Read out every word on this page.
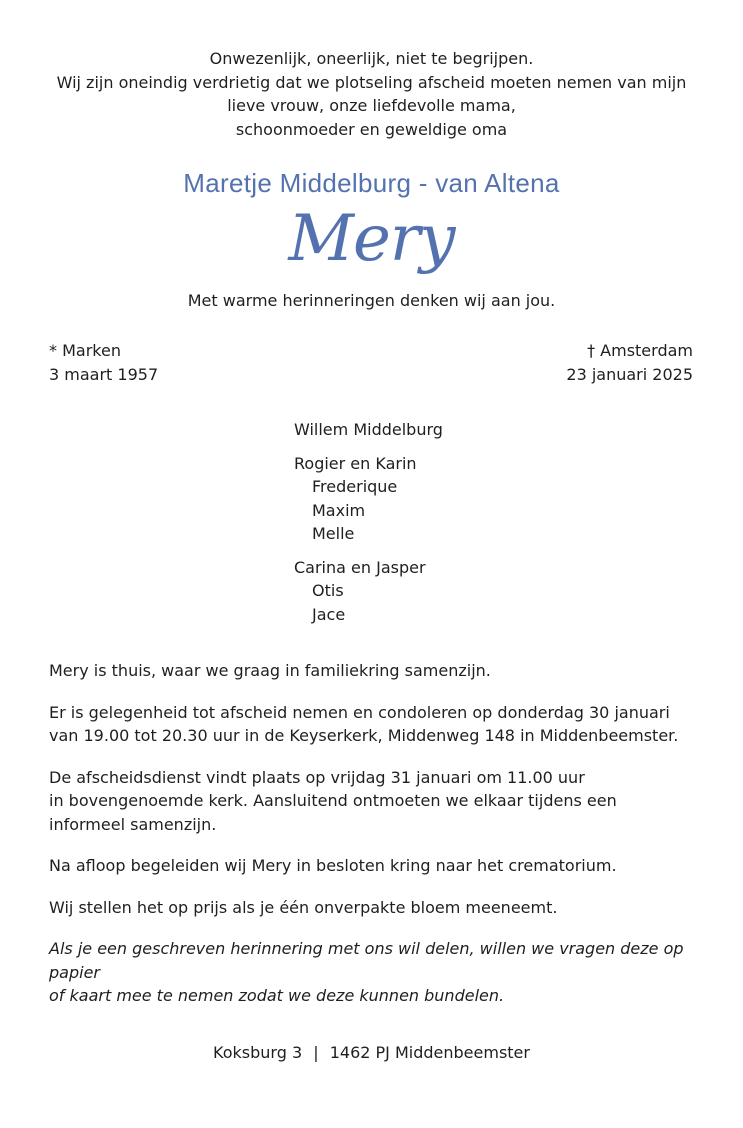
Onwezenlijk, oneerlijk, niet te begrijpen.
Wij zijn oneindig verdrietig dat we plotseling afscheid moeten nemen van mijn
lieve vrouw, onze liefdevolle mama,
schoonmoeder en geweldige oma
Maretje Middelburg - van Altena
Mery
Met warme herinneringen denken wij aan jou.
* Marken
3 maart 1957
† Amsterdam
23 januari 2025
Willem Middelburg
Rogier en Karin
Frederique
Maxim
Melle
Carina en Jasper
Otis
Jace

Mery is thuis, waar we graag in familiekring samenzijn.

Er is gelegenheid tot afscheid nemen en condoleren op donderdag 30 januari
van 19.00 tot 20.30 uur in de Keyserkerk, Middenweg 148 in Middenbeemster.

De afscheidsdienst vindt plaats op vrijdag 31 januari om 11.00 uur
in bovengenoemde kerk. Aansluitend ontmoeten we elkaar tijdens een
informeel samenzijn.

Na afloop begeleiden wij Mery in besloten kring naar het crematorium.

Wij stellen het op prijs als je één onverpakte bloem meeneemt.

Als je een geschreven herinnering met ons wil delen, willen we vragen deze op papier
of kaart mee te nemen zodat we deze kunnen bundelen.

Koksburg 3 | 1462 PJ Middenbeemster
